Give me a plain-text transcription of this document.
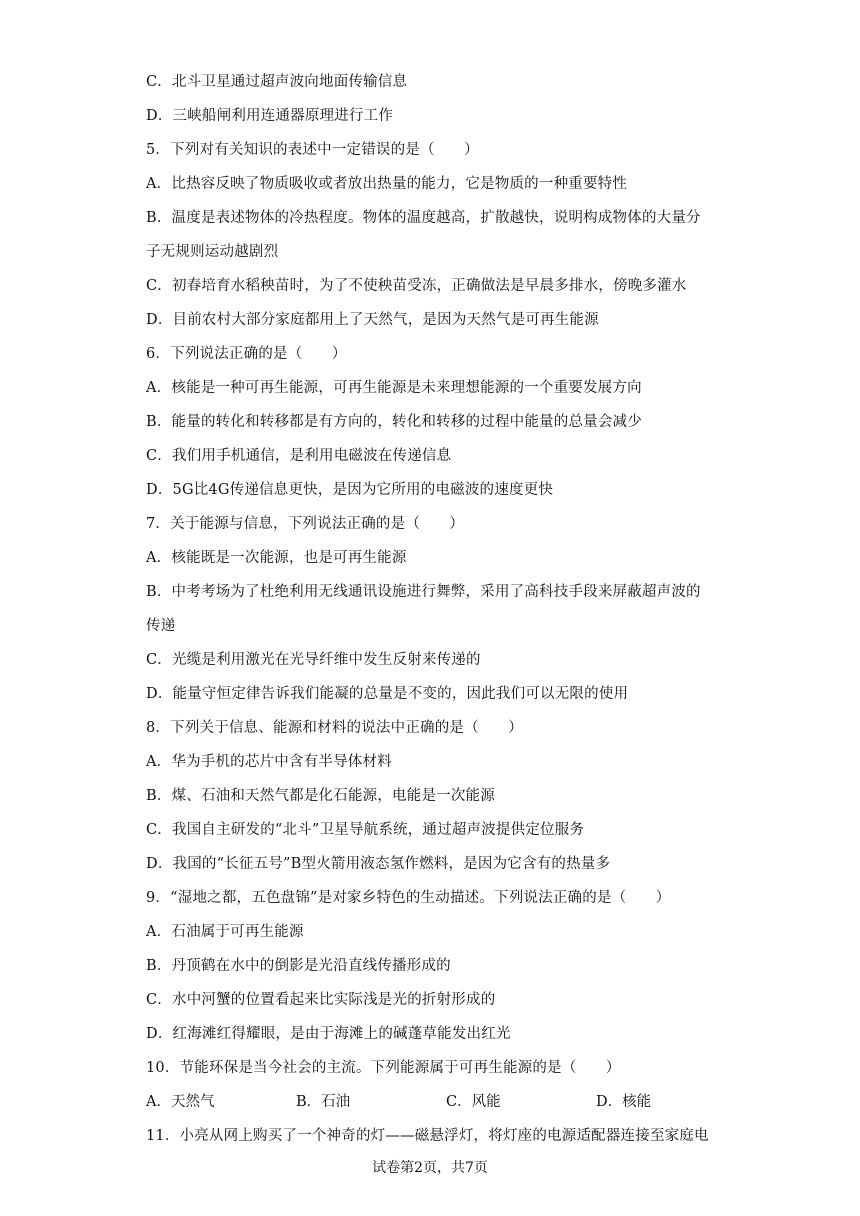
C．北斗卫星通过超声波向地面传输信息
D．三峡船闸利用连通器原理进行工作
5．下列对有关知识的表述中一定错误的是（　　）
A．比热容反映了物质吸收或者放出热量的能力，它是物质的一种重要特性
B．温度是表述物体的冷热程度。物体的温度越高，扩散越快，说明构成物体的大量分
子无规则运动越剧烈
C．初春培育水稻秧苗时，为了不使秧苗受冻，正确做法是早晨多排水，傍晚多灌水
D．目前农村大部分家庭都用上了天然气，是因为天然气是可再生能源
6．下列说法正确的是（　　）
A．核能是一种可再生能源，可再生能源是未来理想能源的一个重要发展方向
B．能量的转化和转移都是有方向的，转化和转移的过程中能量的总量会减少
C．我们用手机通信，是利用电磁波在传递信息
D．5G比4G传递信息更快，是因为它所用的电磁波的速度更快
7．关于能源与信息，下列说法正确的是（　　）
A．核能既是一次能源，也是可再生能源
B．中考考场为了杜绝利用无线通讯设施进行舞弊，采用了高科技手段来屏蔽超声波的
传递
C．光缆是利用激光在光导纤维中发生反射来传递的
D．能量守恒定律告诉我们能凝的总量是不变的，因此我们可以无限的使用
8．下列关于信息、能源和材料的说法中正确的是（　　）
A．华为手机的芯片中含有半导体材料
B．煤、石油和天然气都是化石能源，电能是一次能源
C．我国自主研发的“北斗”卫星导航系统，通过超声波提供定位服务
D．我国的“长征五号”B型火箭用液态氢作燃料，是因为它含有的热量多
9．“湿地之都，五色盘锦”是对家乡特色的生动描述。下列说法正确的是（　　）
A．石油属于可再生能源
B．丹顶鹤在水中的倒影是光沿直线传播形成的
C．水中河蟹的位置看起来比实际浅是光的折射形成的
D．红海滩红得耀眼，是由于海滩上的碱蓬草能发出红光
10．节能环保是当今社会的主流。下列能源属于可再生能源的是（　　）
A．天然气	B．石油	C．风能	D．核能
11．小亮从网上购买了一个神奇的灯——磁悬浮灯，将灯座的电源适配器连接至家庭电
试卷第2页，共7页
